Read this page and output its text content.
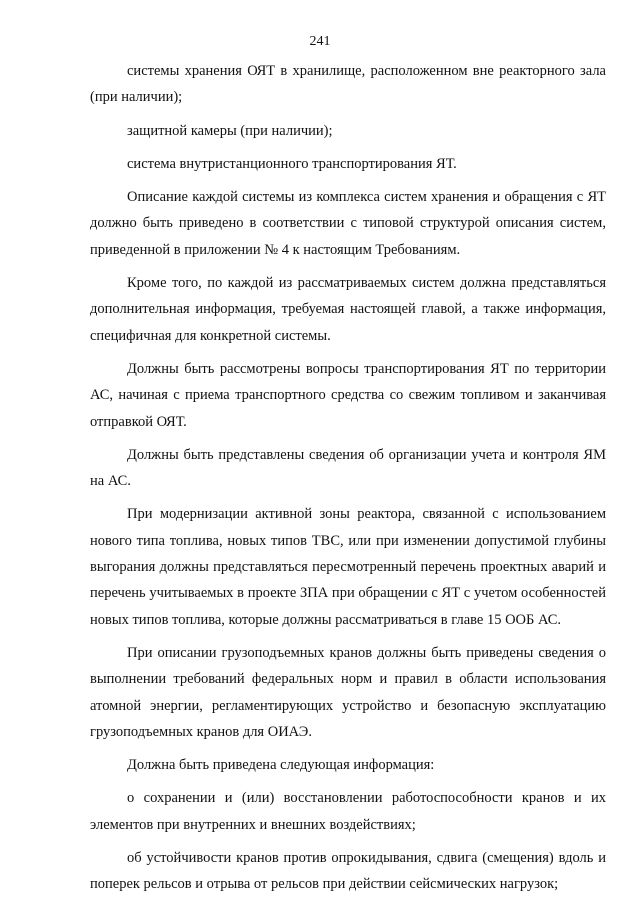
241

системы хранения ОЯТ в хранилище, расположенном вне реакторного зала (при наличии);

защитной камеры (при наличии);

система внутристанционного транспортирования ЯТ.

Описание каждой системы из комплекса систем хранения и обращения с ЯТ должно быть приведено в соответствии с типовой структурой описания систем, приведенной в приложении № 4 к настоящим Требованиям.

Кроме того, по каждой из рассматриваемых систем должна представляться дополнительная информация, требуемая настоящей главой, а также информация, специфичная для конкретной системы.

Должны быть рассмотрены вопросы транспортирования ЯТ по территории АС, начиная с приема транспортного средства со свежим топливом и заканчивая отправкой ОЯТ.

Должны быть представлены сведения об организации учета и контроля ЯМ на АС.

При модернизации активной зоны реактора, связанной с использованием нового типа топлива, новых типов ТВС, или при изменении допустимой глубины выгорания должны представляться пересмотренный перечень проектных аварий и перечень учитываемых в проекте ЗПА при обращении с ЯТ с учетом особенностей новых типов топлива, которые должны рассматриваться в главе 15 ООБ АС.

При описании грузоподъемных кранов должны быть приведены сведения о выполнении требований федеральных норм и правил в области использования атомной энергии, регламентирующих устройство и безопасную эксплуатацию грузоподъемных кранов для ОИАЭ.

Должна быть приведена следующая информация:

о сохранении и (или) восстановлении работоспособности кранов и их элементов при внутренних и внешних воздействиях;

об устойчивости кранов против опрокидывания, сдвига (смещения) вдоль и поперек рельсов и отрыва от рельсов при действии сейсмических нагрузок;
